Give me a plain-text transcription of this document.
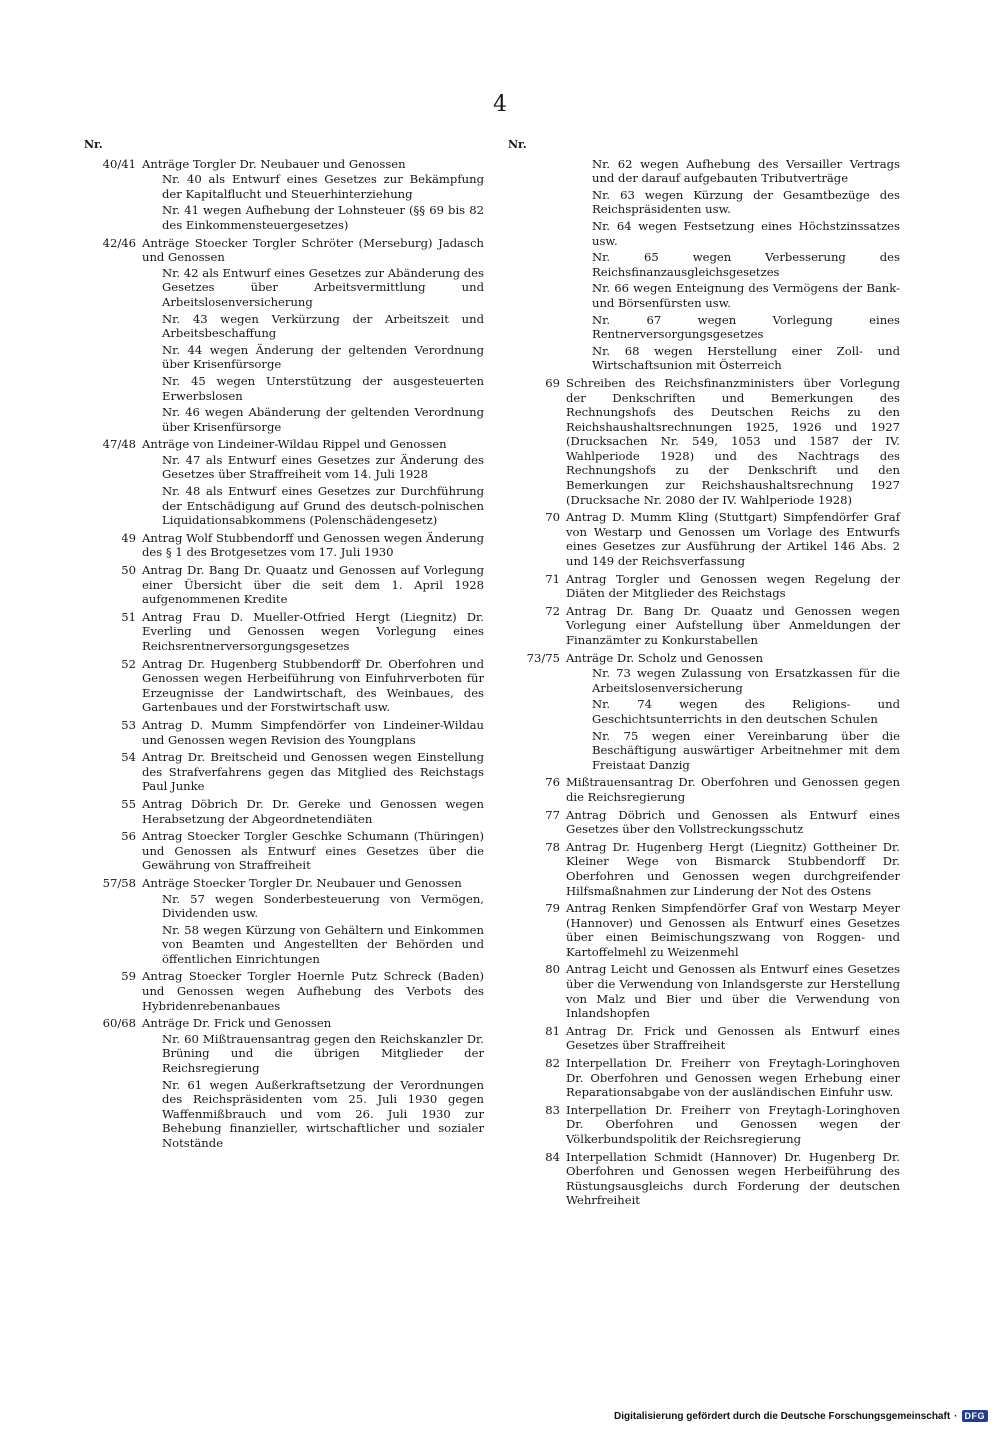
4
Nr.
40/41 Anträge Torgler Dr. Neubauer und Genossen
Nr. 40 als Entwurf eines Gesetzes zur Bekämpfung der Kapitalflucht und Steuerhinterziehung
Nr. 41 wegen Aufhebung der Lohnsteuer (§§ 69 bis 82 des Einkommensteuergesetzes)
42/46 Anträge Stoecker Torgler Schröter (Merseburg) Jadasch und Genossen
Nr. 42 als Entwurf eines Gesetzes zur Abänderung des Gesetzes über Arbeitsvermittlung und Arbeitslosenversicherung
Nr. 43 wegen Verkürzung der Arbeitszeit und Arbeitsbeschaffung
Nr. 44 wegen Änderung der geltenden Verordnung über Krisenfürsorge
Nr. 45 wegen Unterstützung der ausgesteuerten Erwerbslosen
Nr. 46 wegen Abänderung der geltenden Verordnung über Krisenfürsorge
47/48 Anträge von Lindeiner-Wildau Rippel und Genossen
Nr. 47 als Entwurf eines Gesetzes zur Änderung des Gesetzes über Straffreiheit vom 14. Juli 1928
Nr. 48 als Entwurf eines Gesetzes zur Durchführung der Entschädigung auf Grund des deutsch-polnischen Liquidationsabkommens (Polenschädengesetz)
49 Antrag Wolf Stubbendorff und Genossen wegen Änderung des § 1 des Brotgesetzes vom 17. Juli 1930
50 Antrag Dr. Bang Dr. Quaatz und Genossen auf Vorlegung einer Übersicht über die seit dem 1. April 1928 aufgenommenen Kredite
51 Antrag Frau D. Mueller-Otfried Hergt (Liegnitz) Dr. Everling und Genossen wegen Vorlegung eines Reichsrentnerversorgungsgesetzes
52 Antrag Dr. Hugenberg Stubbendorff Dr. Oberfohren und Genossen wegen Herbeiführung von Einfuhrverboten für Erzeugnisse der Landwirtschaft, des Weinbaues, des Gartenbaues und der Forstwirtschaft usw.
53 Antrag D. Mumm Simpfendörfer von Lindeiner-Wildau und Genossen wegen Revision des Youngplans
54 Antrag Dr. Breitscheid und Genossen wegen Einstellung des Strafverfahrens gegen das Mitglied des Reichstags Paul Junke
55 Antrag Döbrich Dr. Dr. Gereke und Genossen wegen Herabsetzung der Abgeordnetendiäten
56 Antrag Stoecker Torgler Geschke Schumann (Thüringen) und Genossen als Entwurf eines Gesetzes über die Gewährung von Straffreiheit
57/58 Anträge Stoecker Torgler Dr. Neubauer und Genossen
Nr. 57 wegen Sonderbesteuerung von Vermögen, Dividenden usw.
Nr. 58 wegen Kürzung von Gehältern und Einkommen von Beamten und Angestellten der Behörden und öffentlichen Einrichtungen
59 Antrag Stoecker Torgler Hoernle Putz Schreck (Baden) und Genossen wegen Aufhebung des Verbots des Hybridenrebenanbaues
60/68 Anträge Dr. Frick und Genossen
Nr. 60 Mißtrauensantrag gegen den Reichskanzler Dr. Brüning und die übrigen Mitglieder der Reichsregierung
Nr. 61 wegen Außerkraftsetzung der Verordnungen des Reichspräsidenten vom 25. Juli 1930 gegen Waffenmißbrauch und vom 26. Juli 1930 zur Behebung finanzieller, wirtschaftlicher und sozialer Notstände
Nr.
Nr. 62 wegen Aufhebung des Versailler Vertrags und der darauf aufgebauten Tributverträge
Nr. 63 wegen Kürzung der Gesamtbezüge des Reichspräsidenten usw.
Nr. 64 wegen Festsetzung eines Höchstzinssatzes usw.
Nr. 65 wegen Verbesserung des Reichsfinanzausgleichsgesetzes
Nr. 66 wegen Enteignung des Vermögens der Bank- und Börsenfürsten usw.
Nr. 67 wegen Vorlegung eines Rentnerversorgungsgesetzes
Nr. 68 wegen Herstellung einer Zoll- und Wirtschaftsunion mit Österreich
69 Schreiben des Reichsfinanzministers über Vorlegung der Denkschriften und Bemerkungen des Rechnungshofs des Deutschen Reichs zu den Reichshaushaltsrechnungen 1925, 1926 und 1927 (Drucksachen Nr. 549, 1053 und 1587 der IV. Wahlperiode 1928) und des Nachtrags des Rechnungshofs zu der Denkschrift und den Bemerkungen zur Reichshaushaltsrechnung 1927 (Drucksache Nr. 2080 der IV. Wahlperiode 1928)
70 Antrag D. Mumm Kling (Stuttgart) Simpfendörfer Graf von Westarp und Genossen um Vorlage des Entwurfs eines Gesetzes zur Ausführung der Artikel 146 Abs. 2 und 149 der Reichsverfassung
71 Antrag Torgler und Genossen wegen Regelung der Diäten der Mitglieder des Reichstags
72 Antrag Dr. Bang Dr. Quaatz und Genossen wegen Vorlegung einer Aufstellung über Anmeldungen der Finanzämter zu Konkurstabellen
73/75 Anträge Dr. Scholz und Genossen
Nr. 73 wegen Zulassung von Ersatzkassen für die Arbeitslosenversicherung
Nr. 74 wegen des Religions- und Geschichtsunterrichts in den deutschen Schulen
Nr. 75 wegen einer Vereinbarung über die Beschäftigung auswärtiger Arbeitnehmer mit dem Freistaat Danzig
76 Mißtrauensantrag Dr. Oberfohren und Genossen gegen die Reichsregierung
77 Antrag Döbrich und Genossen als Entwurf eines Gesetzes über den Vollstreckungsschutz
78 Antrag Dr. Hugenberg Hergt (Liegnitz) Gottheiner Dr. Kleiner Wege von Bismarck Stubbendorff Dr. Oberfohren und Genossen wegen durchgreifender Hilfsmaßnahmen zur Linderung der Not des Ostens
79 Antrag Renken Simpfendörfer Graf von Westarp Meyer (Hannover) und Genossen als Entwurf eines Gesetzes über einen Beimischungszwang von Roggen- und Kartoffelmehl zu Weizenmehl
80 Antrag Leicht und Genossen als Entwurf eines Gesetzes über die Verwendung von Inlandsgerste zur Herstellung von Malz und Bier und über die Verwendung von Inlandshopfen
81 Antrag Dr. Frick und Genossen als Entwurf eines Gesetzes über Straffreiheit
82 Interpellation Dr. Freiherr von Freytagh-Loringhoven Dr. Oberfohren und Genossen wegen Erhebung einer Reparationsabgabe von der ausländischen Einfuhr usw.
83 Interpellation Dr. Freiherr von Freytagh-Loringhoven Dr. Oberfohren und Genossen wegen der Völkerbundspolitik der Reichsregierung
84 Interpellation Schmidt (Hannover) Dr. Hugenberg Dr. Oberfohren und Genossen wegen Herbeiführung des Rüstungsausgleichs durch Forderung der deutschen Wehrfreiheit
Digitalisierung gefördert durch die Deutsche Forschungsgemeinschaft · DFG
